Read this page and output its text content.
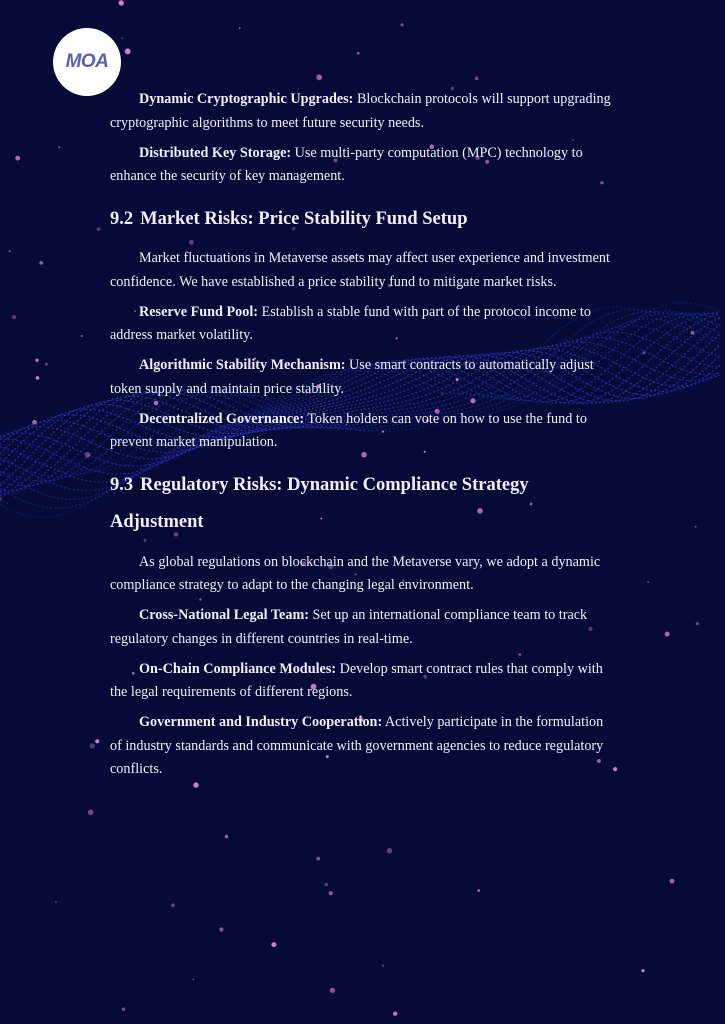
MOA

Dynamic Cryptographic Upgrades: Blockchain protocols will support upgrading cryptographic algorithms to meet future security needs.

Distributed Key Storage: Use multi-party computation (MPC) technology to enhance the security of key management.

9.2 Market Risks: Price Stability Fund Setup

Market fluctuations in Metaverse assets may affect user experience and investment confidence. We have established a price stability fund to mitigate market risks.

Reserve Fund Pool: Establish a stable fund with part of the protocol income to address market volatility.

Algorithmic Stability Mechanism: Use smart contracts to automatically adjust token supply and maintain price stability.

Decentralized Governance: Token holders can vote on how to use the fund to prevent market manipulation.

9.3 Regulatory Risks: Dynamic Compliance Strategy Adjustment

As global regulations on blockchain and the Metaverse vary, we adopt a dynamic compliance strategy to adapt to the changing legal environment.

Cross-National Legal Team: Set up an international compliance team to track regulatory changes in different countries in real-time.

On-Chain Compliance Modules: Develop smart contract rules that comply with the legal requirements of different regions.

Government and Industry Cooperation: Actively participate in the formulation of industry standards and communicate with government agencies to reduce regulatory conflicts.

23
